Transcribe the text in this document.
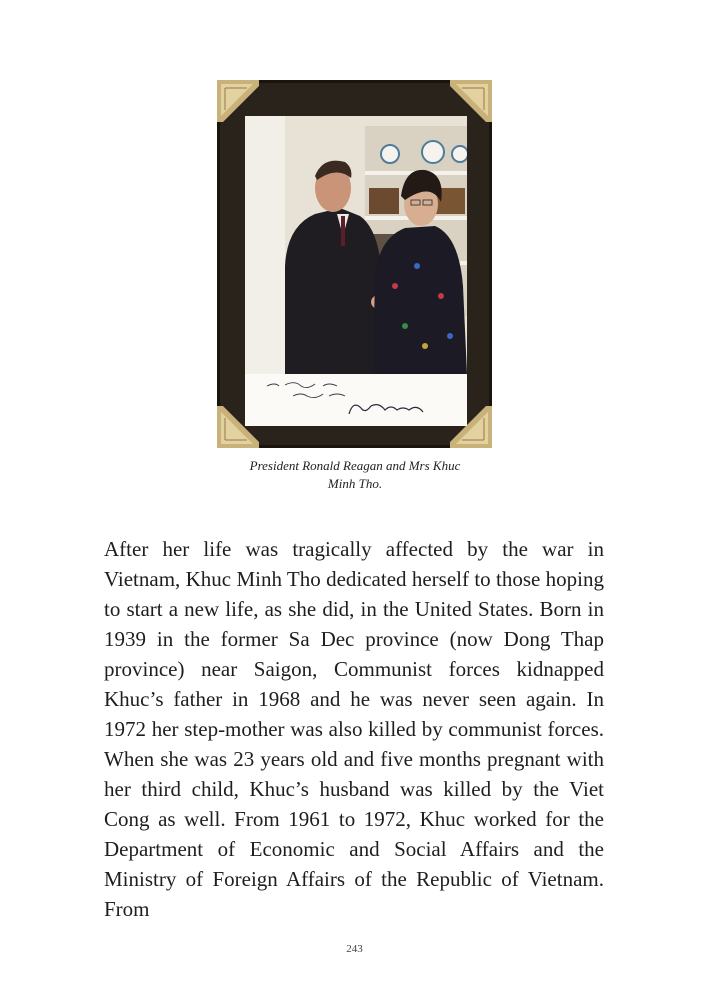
President Ronald Reagan and Mrs Khuc
Minh Tho.

After her life was tragically affected by the war in Vietnam, Khuc Minh Tho dedicated herself to those hoping to start a new life, as she did, in the United States. Born in 1939 in the former Sa Dec province (now Dong Thap province) near Saigon, Communist forces kidnapped Khuc’s father in 1968 and he was never seen again. In 1972 her step-mother was also killed by communist forces. When she was 23 years old and five months pregnant with her third child, Khuc’s husband was killed by the Viet Cong as well. From 1961 to 1972, Khuc worked for the Department of Economic and Social Affairs and the Ministry of Foreign Affairs of the Republic of Vietnam. From

243
